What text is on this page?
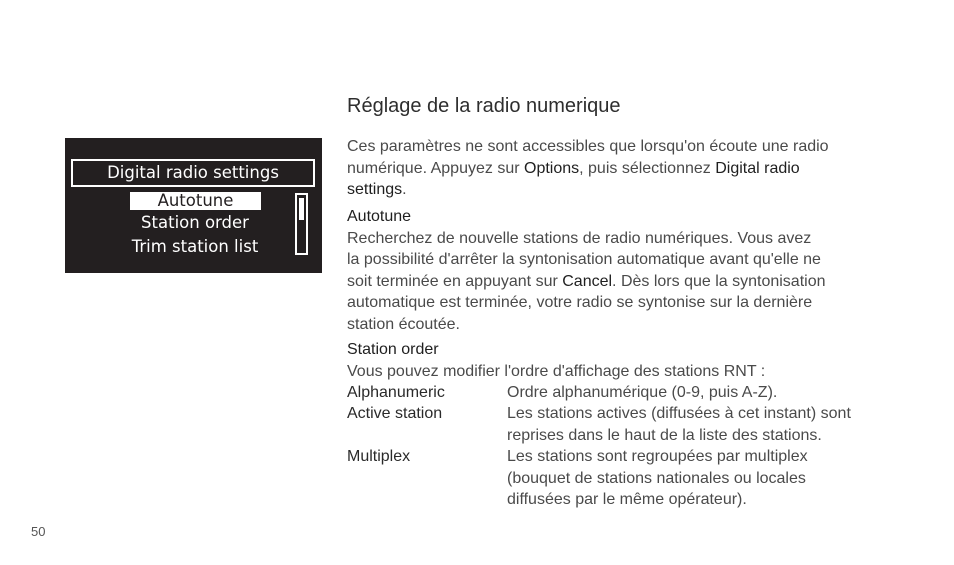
Digital radio settings
Autotune
Station order
Trim station list
Réglage de la radio numerique

Ces paramètres ne sont accessibles que lorsqu'on écoute une radio
numérique. Appuyez sur Options, puis sélectionnez Digital radio
settings.

Autotune
Recherchez de nouvelle stations de radio numériques. Vous avez
la possibilité d'arrêter la syntonisation automatique avant qu'elle ne
soit terminée en appuyant sur Cancel. Dès lors que la syntonisation
automatique est terminée, votre radio se syntonise sur la dernière
station écoutée.

Station order
Vous pouvez modifier l'ordre d'affichage des stations RNT :

Alphanumeric	Ordre alphanumérique (0-9, puis A-Z).
Active station	Les stations actives (diffusées à cet instant) sont
reprises dans le haut de la liste des stations.
Multiplex	Les stations sont regroupées par multiplex
(bouquet de stations nationales ou locales
diffusées par le même opérateur).
50
